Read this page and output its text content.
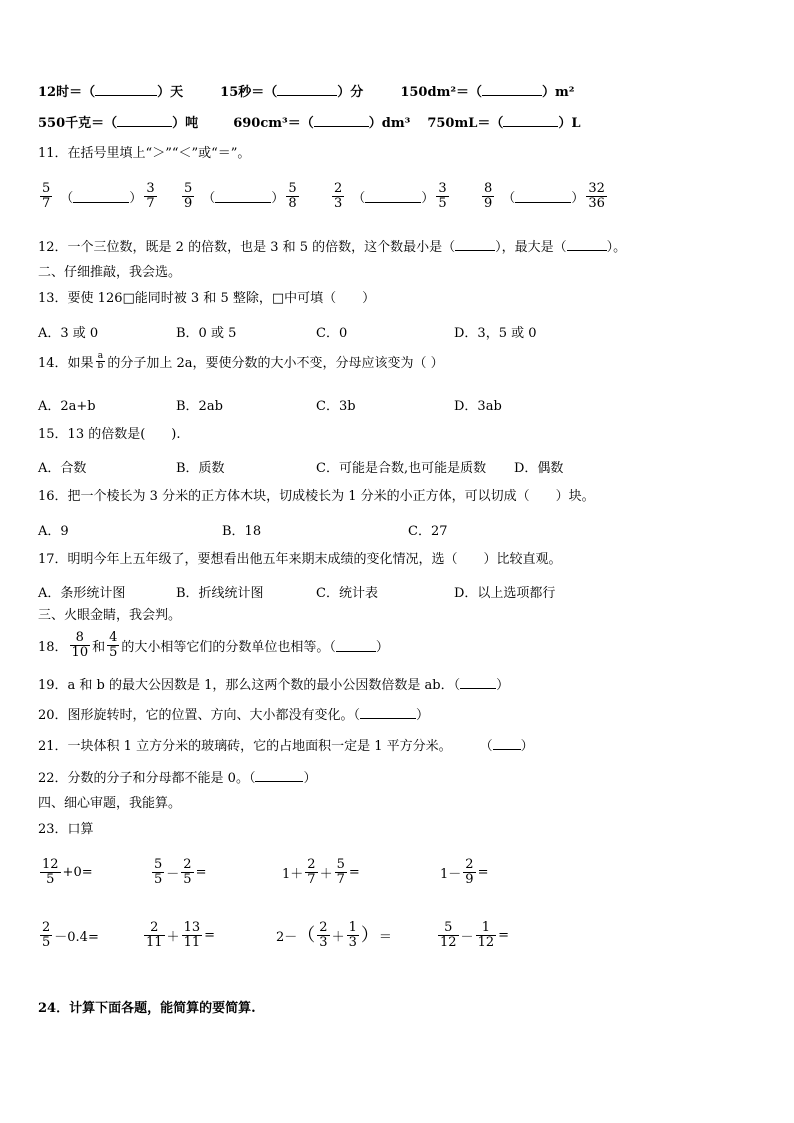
12时＝（	）天	15秒＝（	）分	150dm²＝（	）m²
550千克＝（	）吨	690cm³＝（	）dm³ 750mL＝（	）L
11．在括号里填上“＞”“＜”或“＝”。
$\frac{5}{7}$ （	） $\frac{3}{7} \frac{5}{9}$ （	） $\frac{5}{8}$	$\frac{2}{3}$ （	） $\frac{3}{5}$	$\frac{8}{9}$ （	） $\frac{32}{36}$
12．一个三位数，既是 2 的倍数，也是 3 和 5 的倍数，这个数最小是（	），最大是（	）。
二、仔细推敲，我会选。
13．要使 126□能同时被 3 和 5 整除，□中可填（　　）
A．3 或 0	B．0 或 5	C．0	D．3，5 或 0
14．如果 $\frac{a}{b}$ 的分子加上 2a，要使分数的大小不变，分母应该变为（ ）
A．2a+b	B．2ab	C．3b	D．3ab
15．13 的倍数是(　　).
A．合数	B．质数	C．可能是合数,也可能是质数 D．偶数
16．把一个棱长为 3 分米的正方体木块，切成棱长为 1 分米的小正方体，可以切成（　　）块。
A．9	B．18	C．27
17．明明今年上五年级了，要想看出他五年来期末成绩的变化情况，选（　　）比较直观。
A．条形统计图	B．折线统计图	C．统计表	D．以上选项都行
三、火眼金睛，我会判。
18． $\frac{8}{10}$ 和 $\frac{4}{5}$ 的大小相等它们的分数单位也相等。（	）
19．a 和 b 的最大公因数是 1，那么这两个数的最小公因数倍数是 ab．（	）
20．图形旋转时，它的位置、方向、大小都没有变化。（	）
21．一块体积 1 立方分米的玻璃砖，它的占地面积一定是 1 平方分米。 （ ）
22．分数的分子和分母都不能是 0。（	）
四、细心审题，我能算。
23．口算
$\frac{12}{5} +0=$	$\frac{5}{5} - \frac{2}{5}$ =	$1+ \frac{2}{7} + \frac{5}{7}$ =	$1- \frac{2}{9}$ =
$\frac{2}{5} -0.4=$	$\frac{2}{11} + \frac{13}{11}$ =	2－ （ $\frac{2}{3} + \frac{1}{3}$ ） ＝	$\frac{5}{12} - \frac{1}{12}$ =
24．计算下面各题，能简算的要简算.
